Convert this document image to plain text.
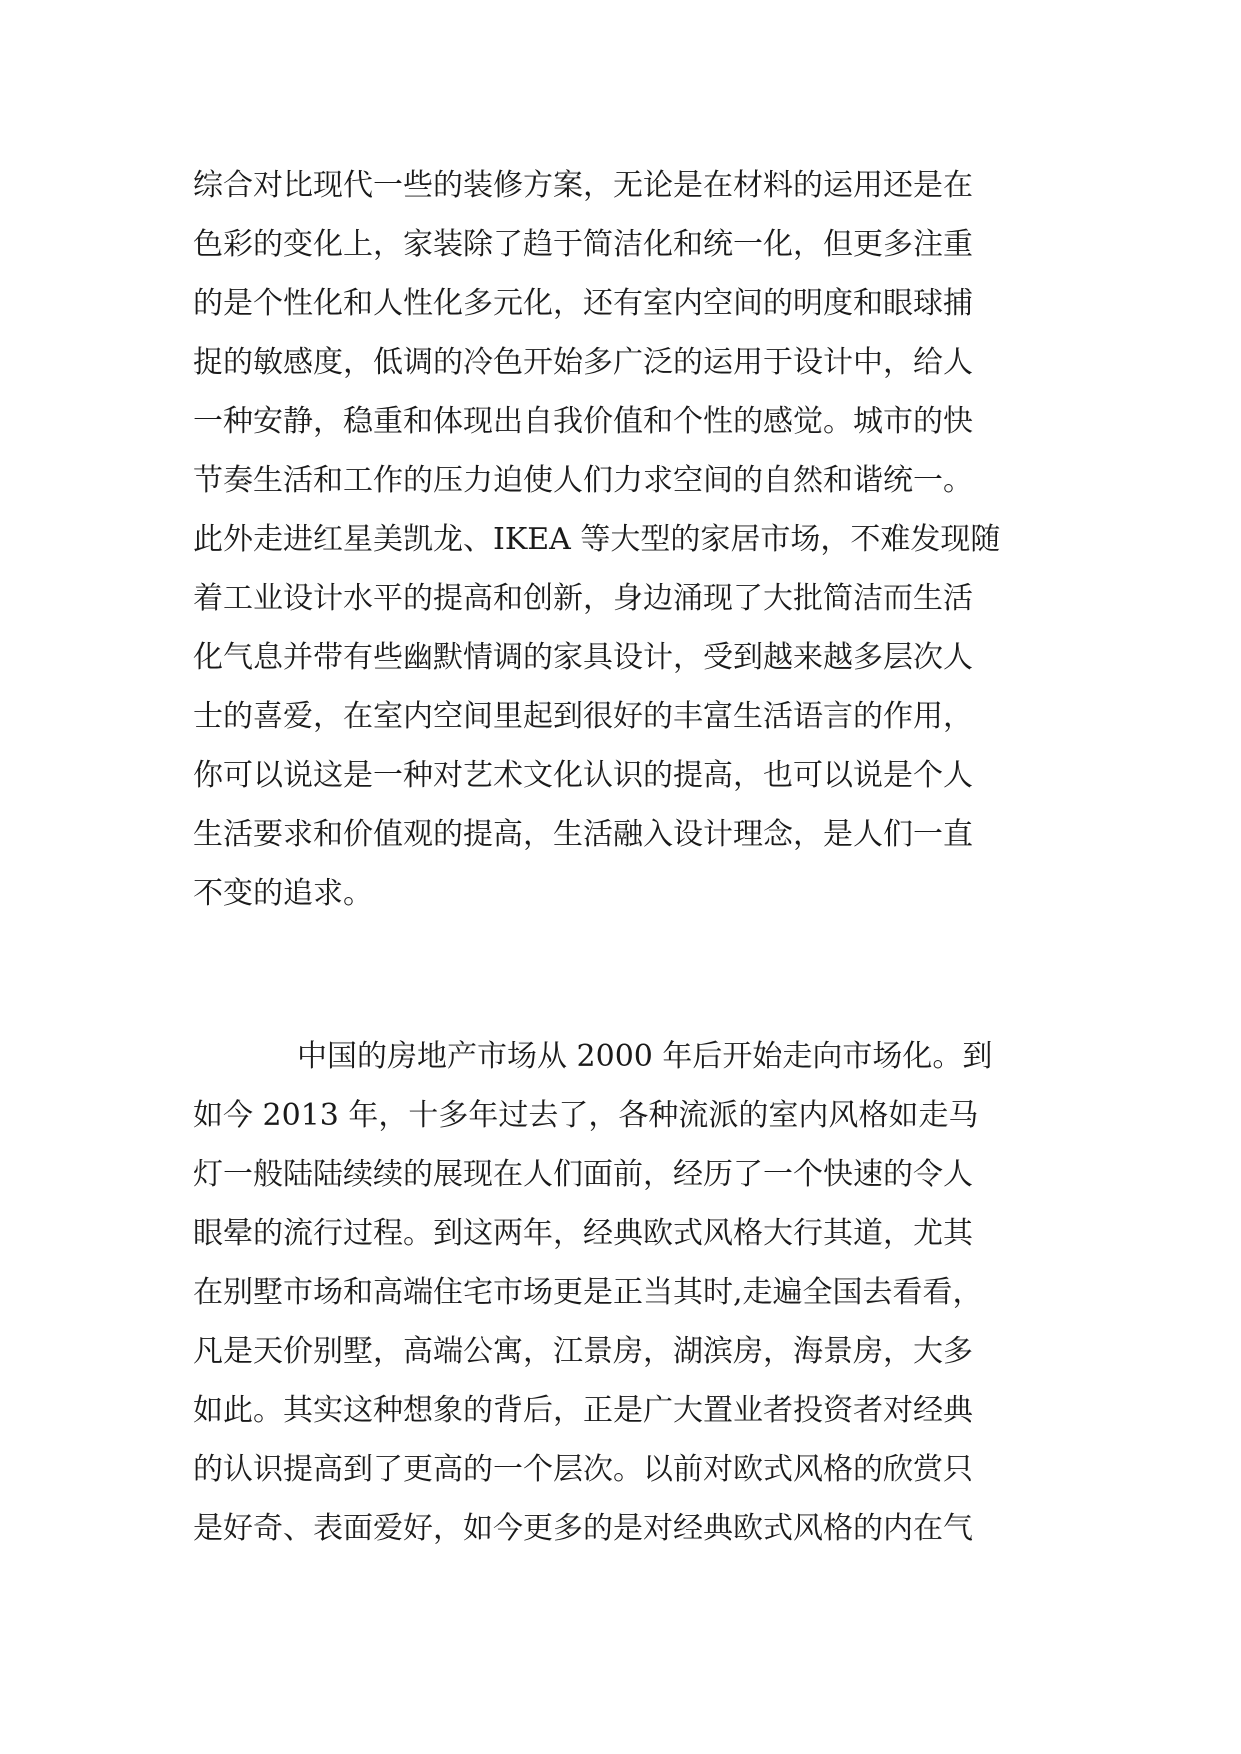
综合对比现代一些的装修方案，无论是在材料的运用还是在
色彩的变化上，家装除了趋于简洁化和统一化，但更多注重
的是个性化和人性化多元化，还有室内空间的明度和眼球捕
捉的敏感度，低调的冷色开始多广泛的运用于设计中，给人
一种安静，稳重和体现出自我价值和个性的感觉。城市的快
节奏生活和工作的压力迫使人们力求空间的自然和谐统一。
此外走进红星美凯龙、IKEA 等大型的家居市场，不难发现随
着工业设计水平的提高和创新，身边涌现了大批简洁而生活
化气息并带有些幽默情调的家具设计，受到越来越多层次人
士的喜爱，在室内空间里起到很好的丰富生活语言的作用，
你可以说这是一种对艺术文化认识的提高，也可以说是个人
生活要求和价值观的提高，生活融入设计理念，是人们一直
不变的追求。
中国的房地产市场从 2000 年后开始走向市场化。到
如今 2013 年，十多年过去了，各种流派的室内风格如走马
灯一般陆陆续续的展现在人们面前，经历了一个快速的令人
眼晕的流行过程。到这两年，经典欧式风格大行其道，尤其
在别墅市场和高端住宅市场更是正当其时,走遍全国去看看，
凡是天价别墅，高端公寓，江景房，湖滨房，海景房，大多
如此。其实这种想象的背后，正是广大置业者投资者对经典
的认识提高到了更高的一个层次。以前对欧式风格的欣赏只
是好奇、表面爱好，如今更多的是对经典欧式风格的内在气
